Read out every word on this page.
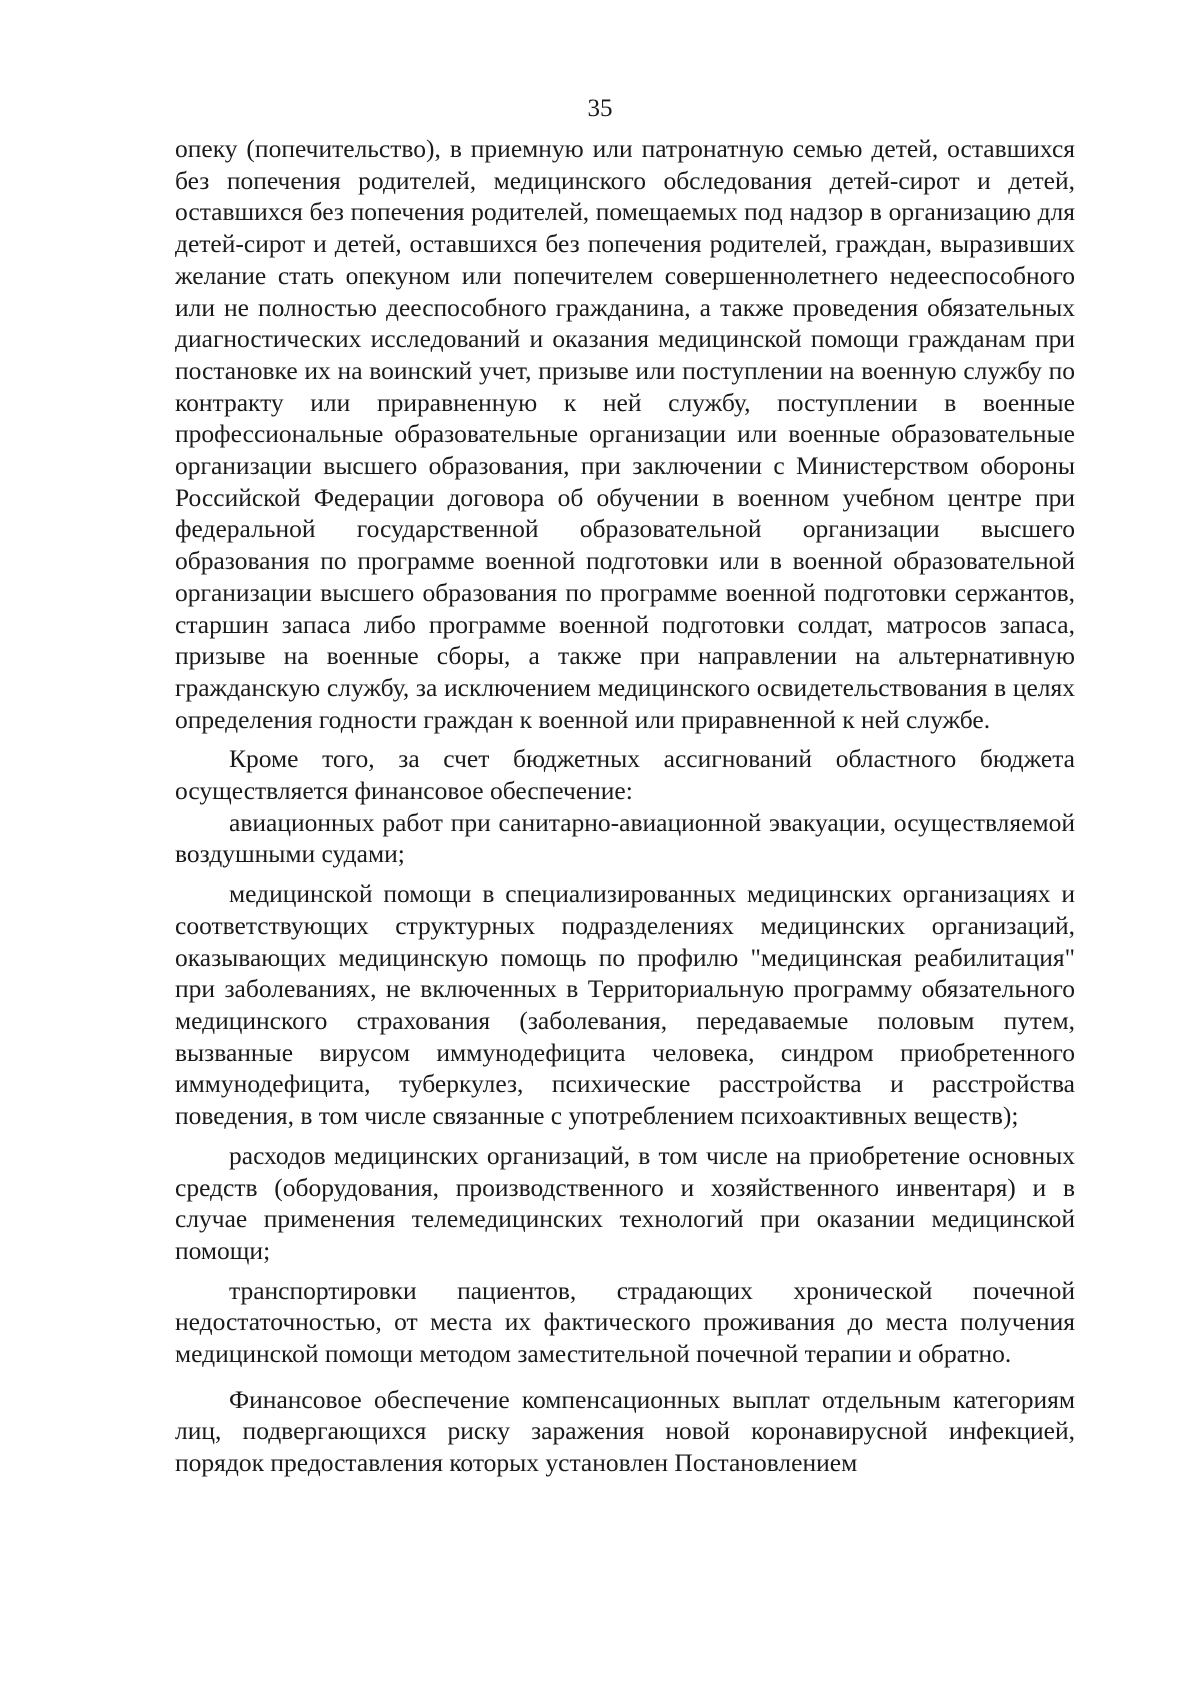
35

опеку (попечительство), в приемную или патронатную семью детей, оставшихся без попечения родителей, медицинского обследования детей-сирот и детей, оставшихся без попечения родителей, помещаемых под надзор в организацию для детей-сирот и детей, оставшихся без попечения родителей, граждан, выразивших желание стать опекуном или попечителем совершеннолетнего недееспособного или не полностью дееспособного гражданина, а также проведения обязательных диагностических исследований и оказания медицинской помощи гражданам при постановке их на воинский учет, призыве или поступлении на военную службу по контракту или приравненную к ней службу, поступлении в военные профессиональные образовательные организации или военные образовательные организации высшего образования, при заключении с Министерством обороны Российской Федерации договора об обучении в военном учебном центре при федеральной государственной образовательной организации высшего образования по программе военной подготовки или в военной образовательной организации высшего образования по программе военной подготовки сержантов, старшин запаса либо программе военной подготовки солдат, матросов запаса, призыве на военные сборы, а также при направлении на альтернативную гражданскую службу, за исключением медицинского освидетельствования в целях определения годности граждан к военной или приравненной к ней службе.

Кроме того, за счет бюджетных ассигнований областного бюджета осуществляется финансовое обеспечение:

авиационных работ при санитарно-авиационной эвакуации, осуществляемой воздушными судами;

медицинской помощи в специализированных медицинских организациях и соответствующих структурных подразделениях медицинских организаций, оказывающих медицинскую помощь по профилю "медицинская реабилитация" при заболеваниях, не включенных в Территориальную программу обязательного медицинского страхования (заболевания, передаваемые половым путем, вызванные вирусом иммунодефицита человека, синдром приобретенного иммунодефицита, туберкулез, психические расстройства и расстройства поведения, в том числе связанные с употреблением психоактивных веществ);

расходов медицинских организаций, в том числе на приобретение основных средств (оборудования, производственного и хозяйственного инвентаря) и в случае применения телемедицинских технологий при оказании медицинской помощи;

транспортировки пациентов, страдающих хронической почечной недостаточностью, от места их фактического проживания до места получения медицинской помощи методом заместительной почечной терапии и обратно.

Финансовое обеспечение компенсационных выплат отдельным категориям лиц, подвергающихся риску заражения новой коронавирусной инфекцией, порядок предоставления которых установлен Постановлением
